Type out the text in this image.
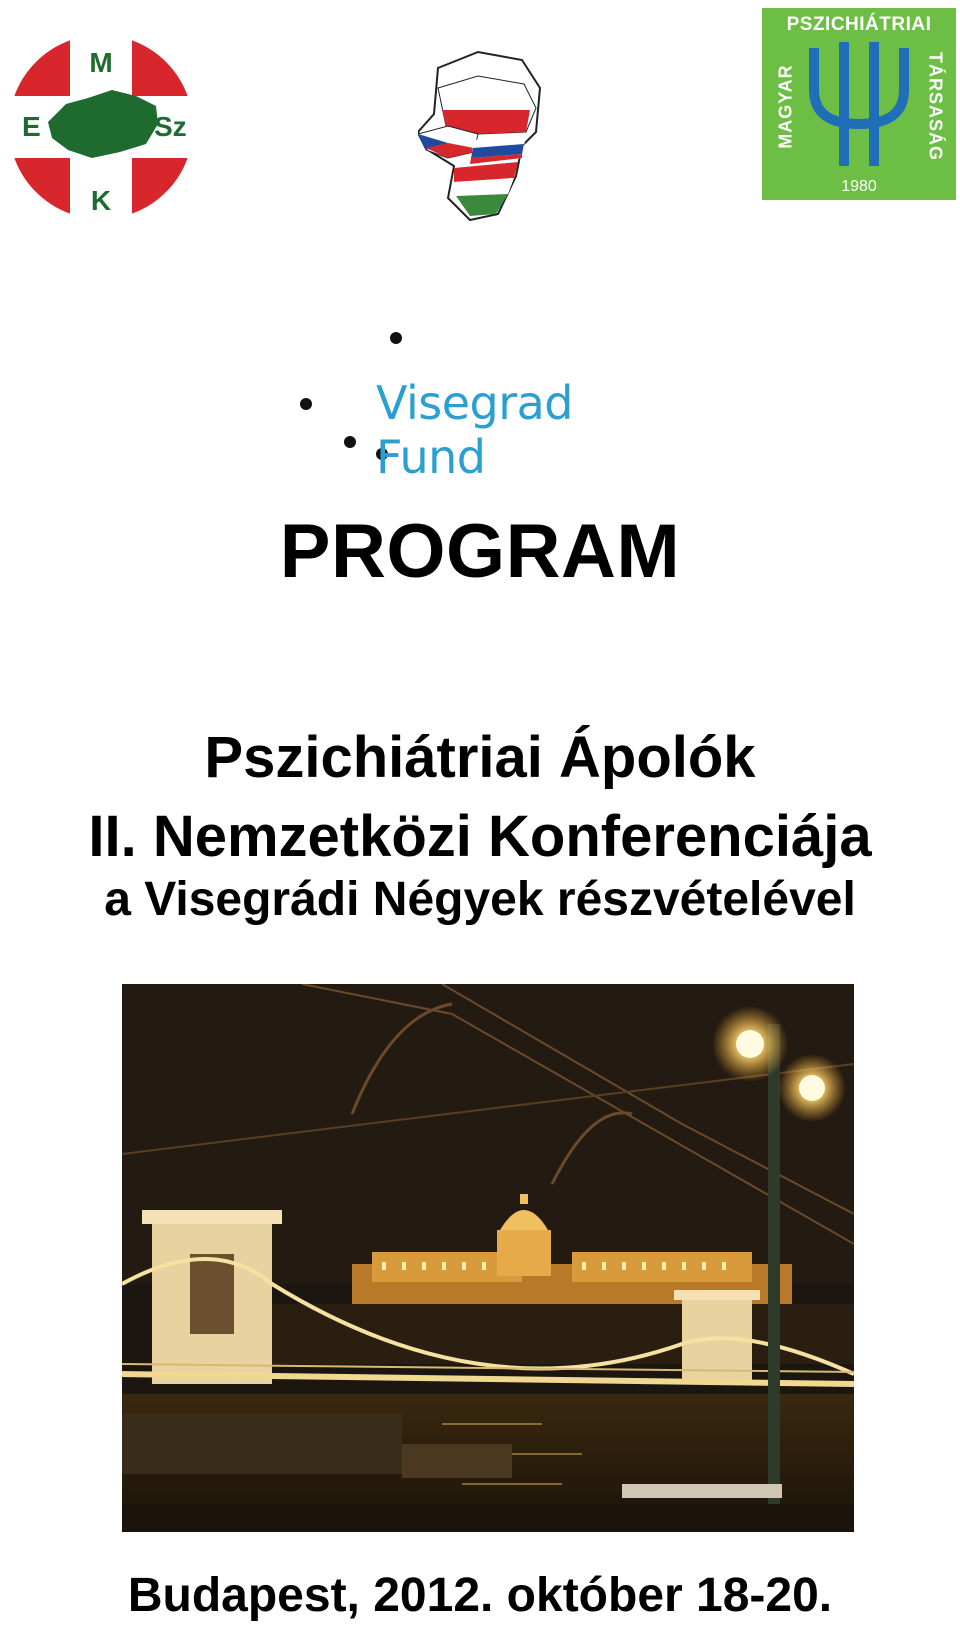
M
E	Sz
K
PSZICHIÁTRIAI
MAGYAR	TÁRSASÁG
1980
Visegrad Fund
PROGRAM
Pszichiátriai Ápolók
II. Nemzetközi Konferenciája
a Visegrádi Négyek részvételével
Budapest, 2012. október 18-20.
